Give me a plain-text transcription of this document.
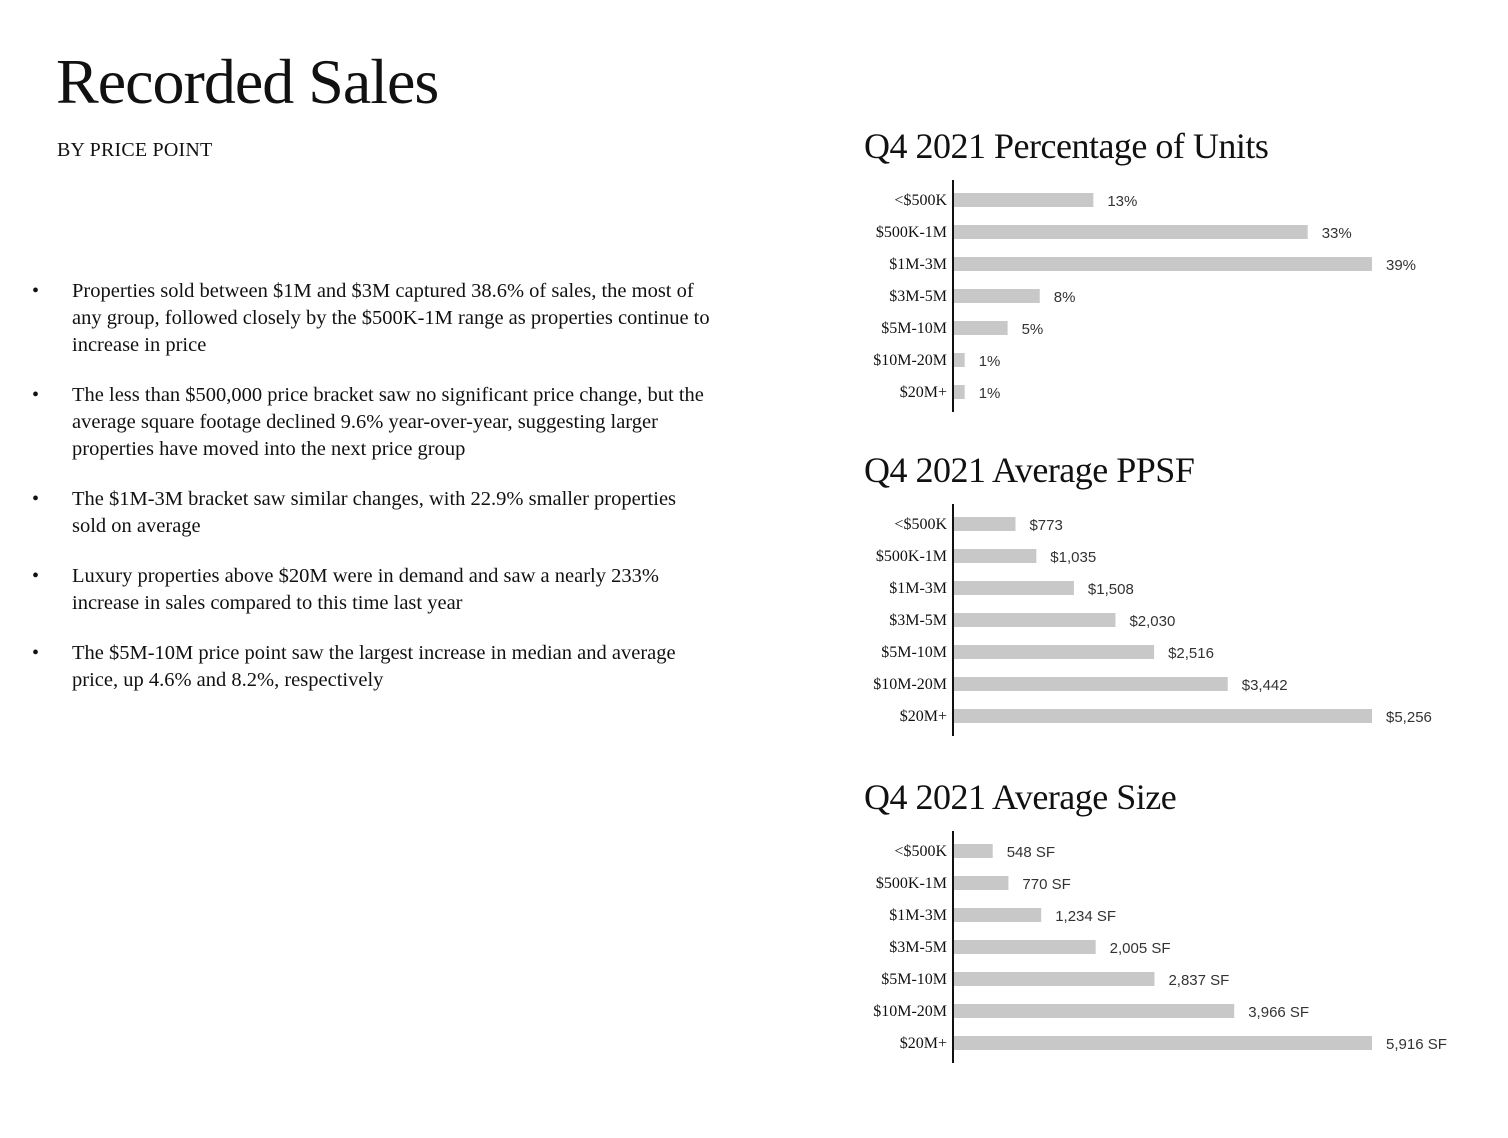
Recorded Sales
BY PRICE POINT
• Properties sold between $1M and $3M captured 38.6% of sales, the most of any group, followed closely by the $500K-1M range as properties continue to increase in price
• The less than $500,000 price bracket saw no significant price change, but the average square footage declined 9.6% year-over-year, suggesting larger properties have moved into the next price group
• The $1M-3M bracket saw similar changes, with 22.9% smaller properties sold on average
• Luxury properties above $20M were in demand and saw a nearly 233% increase in sales compared to this time last year
• The $5M-10M price point saw the largest increase in median and average price, up 4.6% and 8.2%, respectively
Q4 2021 Percentage of Units
<$500K	13%
$500K-1M	33%
$1M-3M	39%
$3M-5M	8%
$5M-10M	5%
$10M-20M 1%
$20M+ 1%
Q4 2021 Average PPSF
<$500K	$773
$500K-1M	$1,035
$1M-3M	$1,508
$3M-5M	$2,030
$5M-10M	$2,516
$10M-20M	$3,442
$20M+	$5,256
Q4 2021 Average Size
<$500K	548 SF
$500K-1M	770 SF
$1M-3M	1,234 SF
$3M-5M	2,005 SF
$5M-10M	2,837 SF
$10M-20M	3,966 SF
$20M+	5,916 SF
